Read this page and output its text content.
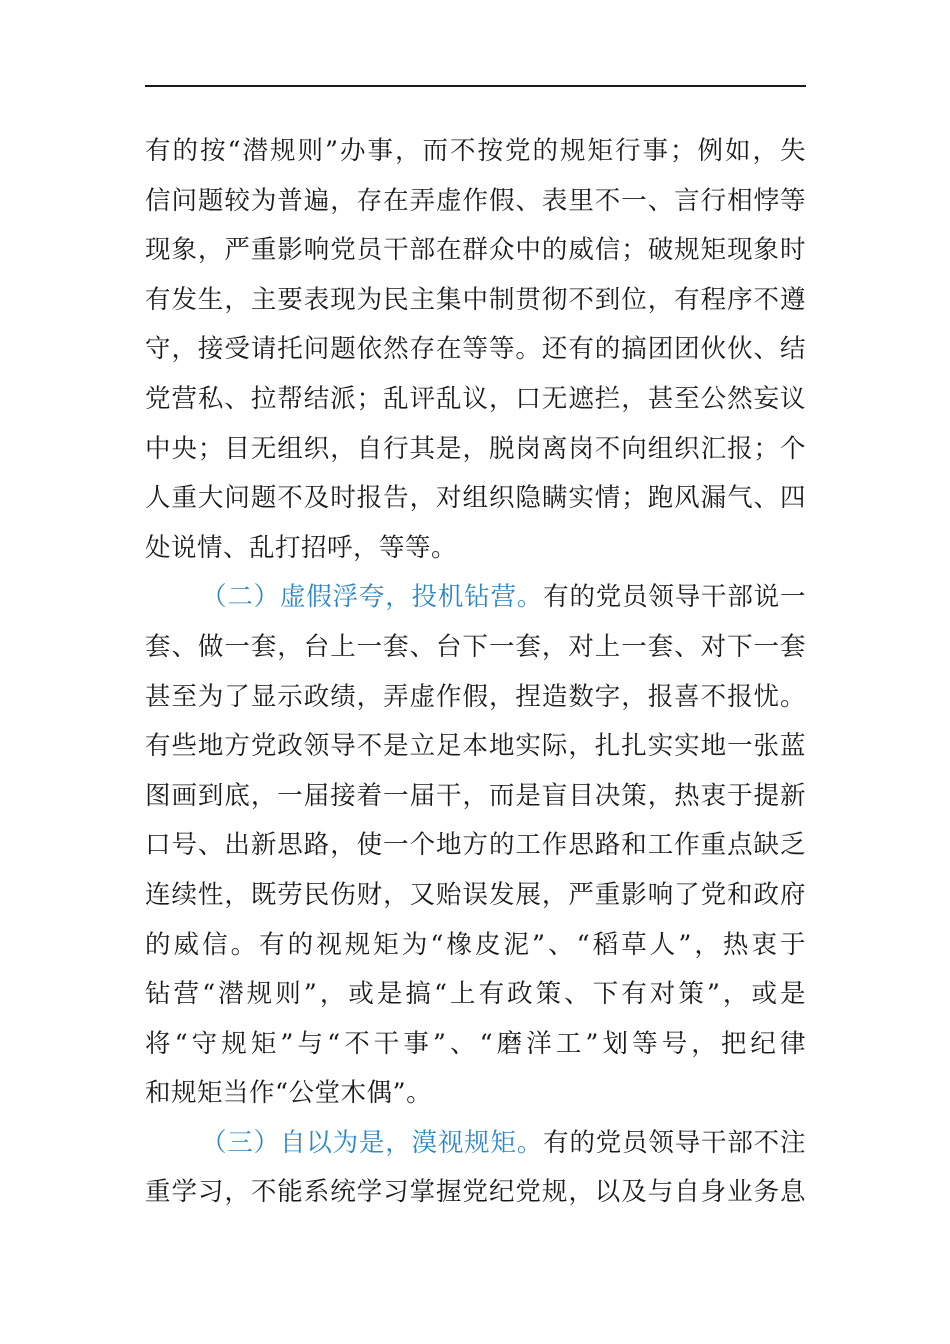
有的按“潜规则”办事，而不按党的规矩行事；例如，失
信问题较为普遍，存在弄虚作假、表里不一、言行相悖等
现象，严重影响党员干部在群众中的威信；破规矩现象时
有发生，主要表现为民主集中制贯彻不到位，有程序不遵
守，接受请托问题依然存在等等。还有的搞团团伙伙、结
党营私、拉帮结派；乱评乱议，口无遮拦，甚至公然妄议
中央；目无组织，自行其是，脱岗离岗不向组织汇报；个
人重大问题不及时报告，对组织隐瞒实情；跑风漏气、四
处说情、乱打招呼，等等。
（二）虚假浮夸，投机钻营。有的党员领导干部说一
套、做一套，台上一套、台下一套，对上一套、对下一套
甚至为了显示政绩，弄虚作假，捏造数字，报喜不报忧。
有些地方党政领导不是立足本地实际，扎扎实实地一张蓝
图画到底，一届接着一届干，而是盲目决策，热衷于提新
口号、出新思路，使一个地方的工作思路和工作重点缺乏
连续性，既劳民伤财，又贻误发展，严重影响了党和政府
的威信。有的视规矩为“橡皮泥”、“稻草人”，热衷于
钻营“潜规则”，或是搞“上有政策、下有对策”，或是
将“守规矩”与“不干事”、“磨洋工”划等号，把纪律
和规矩当作“公堂木偶”。
（三）自以为是，漠视规矩。有的党员领导干部不注
重学习，不能系统学习掌握党纪党规，以及与自身业务息
